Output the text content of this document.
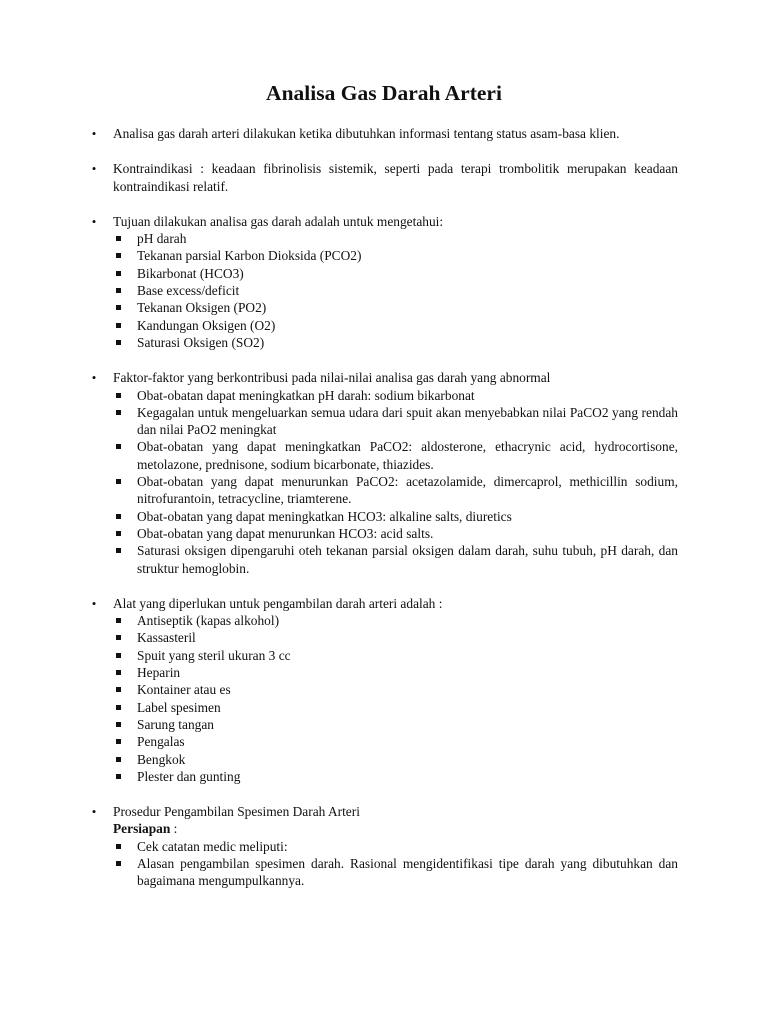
Analisa Gas Darah Arteri
•	Analisa gas darah arteri dilakukan ketika dibutuhkan informasi tentang status asam-basa klien.
•	Kontraindikasi : keadaan fibrinolisis sistemik, seperti pada terapi trombolitik merupakan keadaan kontraindikasi relatif.
•	Tujuan dilakukan analisa gas darah adalah untuk mengetahui:
pH darah
Tekanan parsial Karbon Dioksida (PCO2)
Bikarbonat (HCO3)
Base excess/deficit
Tekanan Oksigen (PO2)
Kandungan Oksigen (O2)
Saturasi Oksigen (SO2)
•	Faktor-faktor yang berkontribusi pada nilai-nilai analisa gas darah yang abnormal
Obat-obatan dapat meningkatkan pH darah: sodium bikarbonat
Kegagalan untuk mengeluarkan semua udara dari spuit akan menyebabkan nilai PaCO2 yang rendah dan nilai PaO2 meningkat
Obat-obatan yang dapat meningkatkan PaCO2: aldosterone, ethacrynic acid, hydrocortisone, metolazone, prednisone, sodium bicarbonate, thiazides.
Obat-obatan yang dapat menurunkan PaCO2: acetazolamide, dimercaprol, methicillin sodium, nitrofurantoin, tetracycline, triamterene.
Obat-obatan yang dapat meningkatkan HCO3: alkaline salts, diuretics
Obat-obatan yang dapat menurunkan HCO3: acid salts.
Saturasi oksigen dipengaruhi oteh tekanan parsial oksigen dalam darah, suhu tubuh, pH darah, dan struktur hemoglobin.
•	Alat yang diperlukan untuk pengambilan darah arteri adalah :
Antiseptik (kapas alkohol)
Kassasteril
Spuit yang steril ukuran 3 cc
Heparin
Kontainer atau es
Label spesimen
Sarung tangan
Pengalas
Bengkok
Plester dan gunting
•	Prosedur Pengambilan Spesimen Darah Arteri
Persiapan :
Cek catatan medic meliputi:
Alasan pengambilan spesimen darah. Rasional mengidentifikasi tipe darah yang dibutuhkan dan bagaimana mengumpulkannya.
